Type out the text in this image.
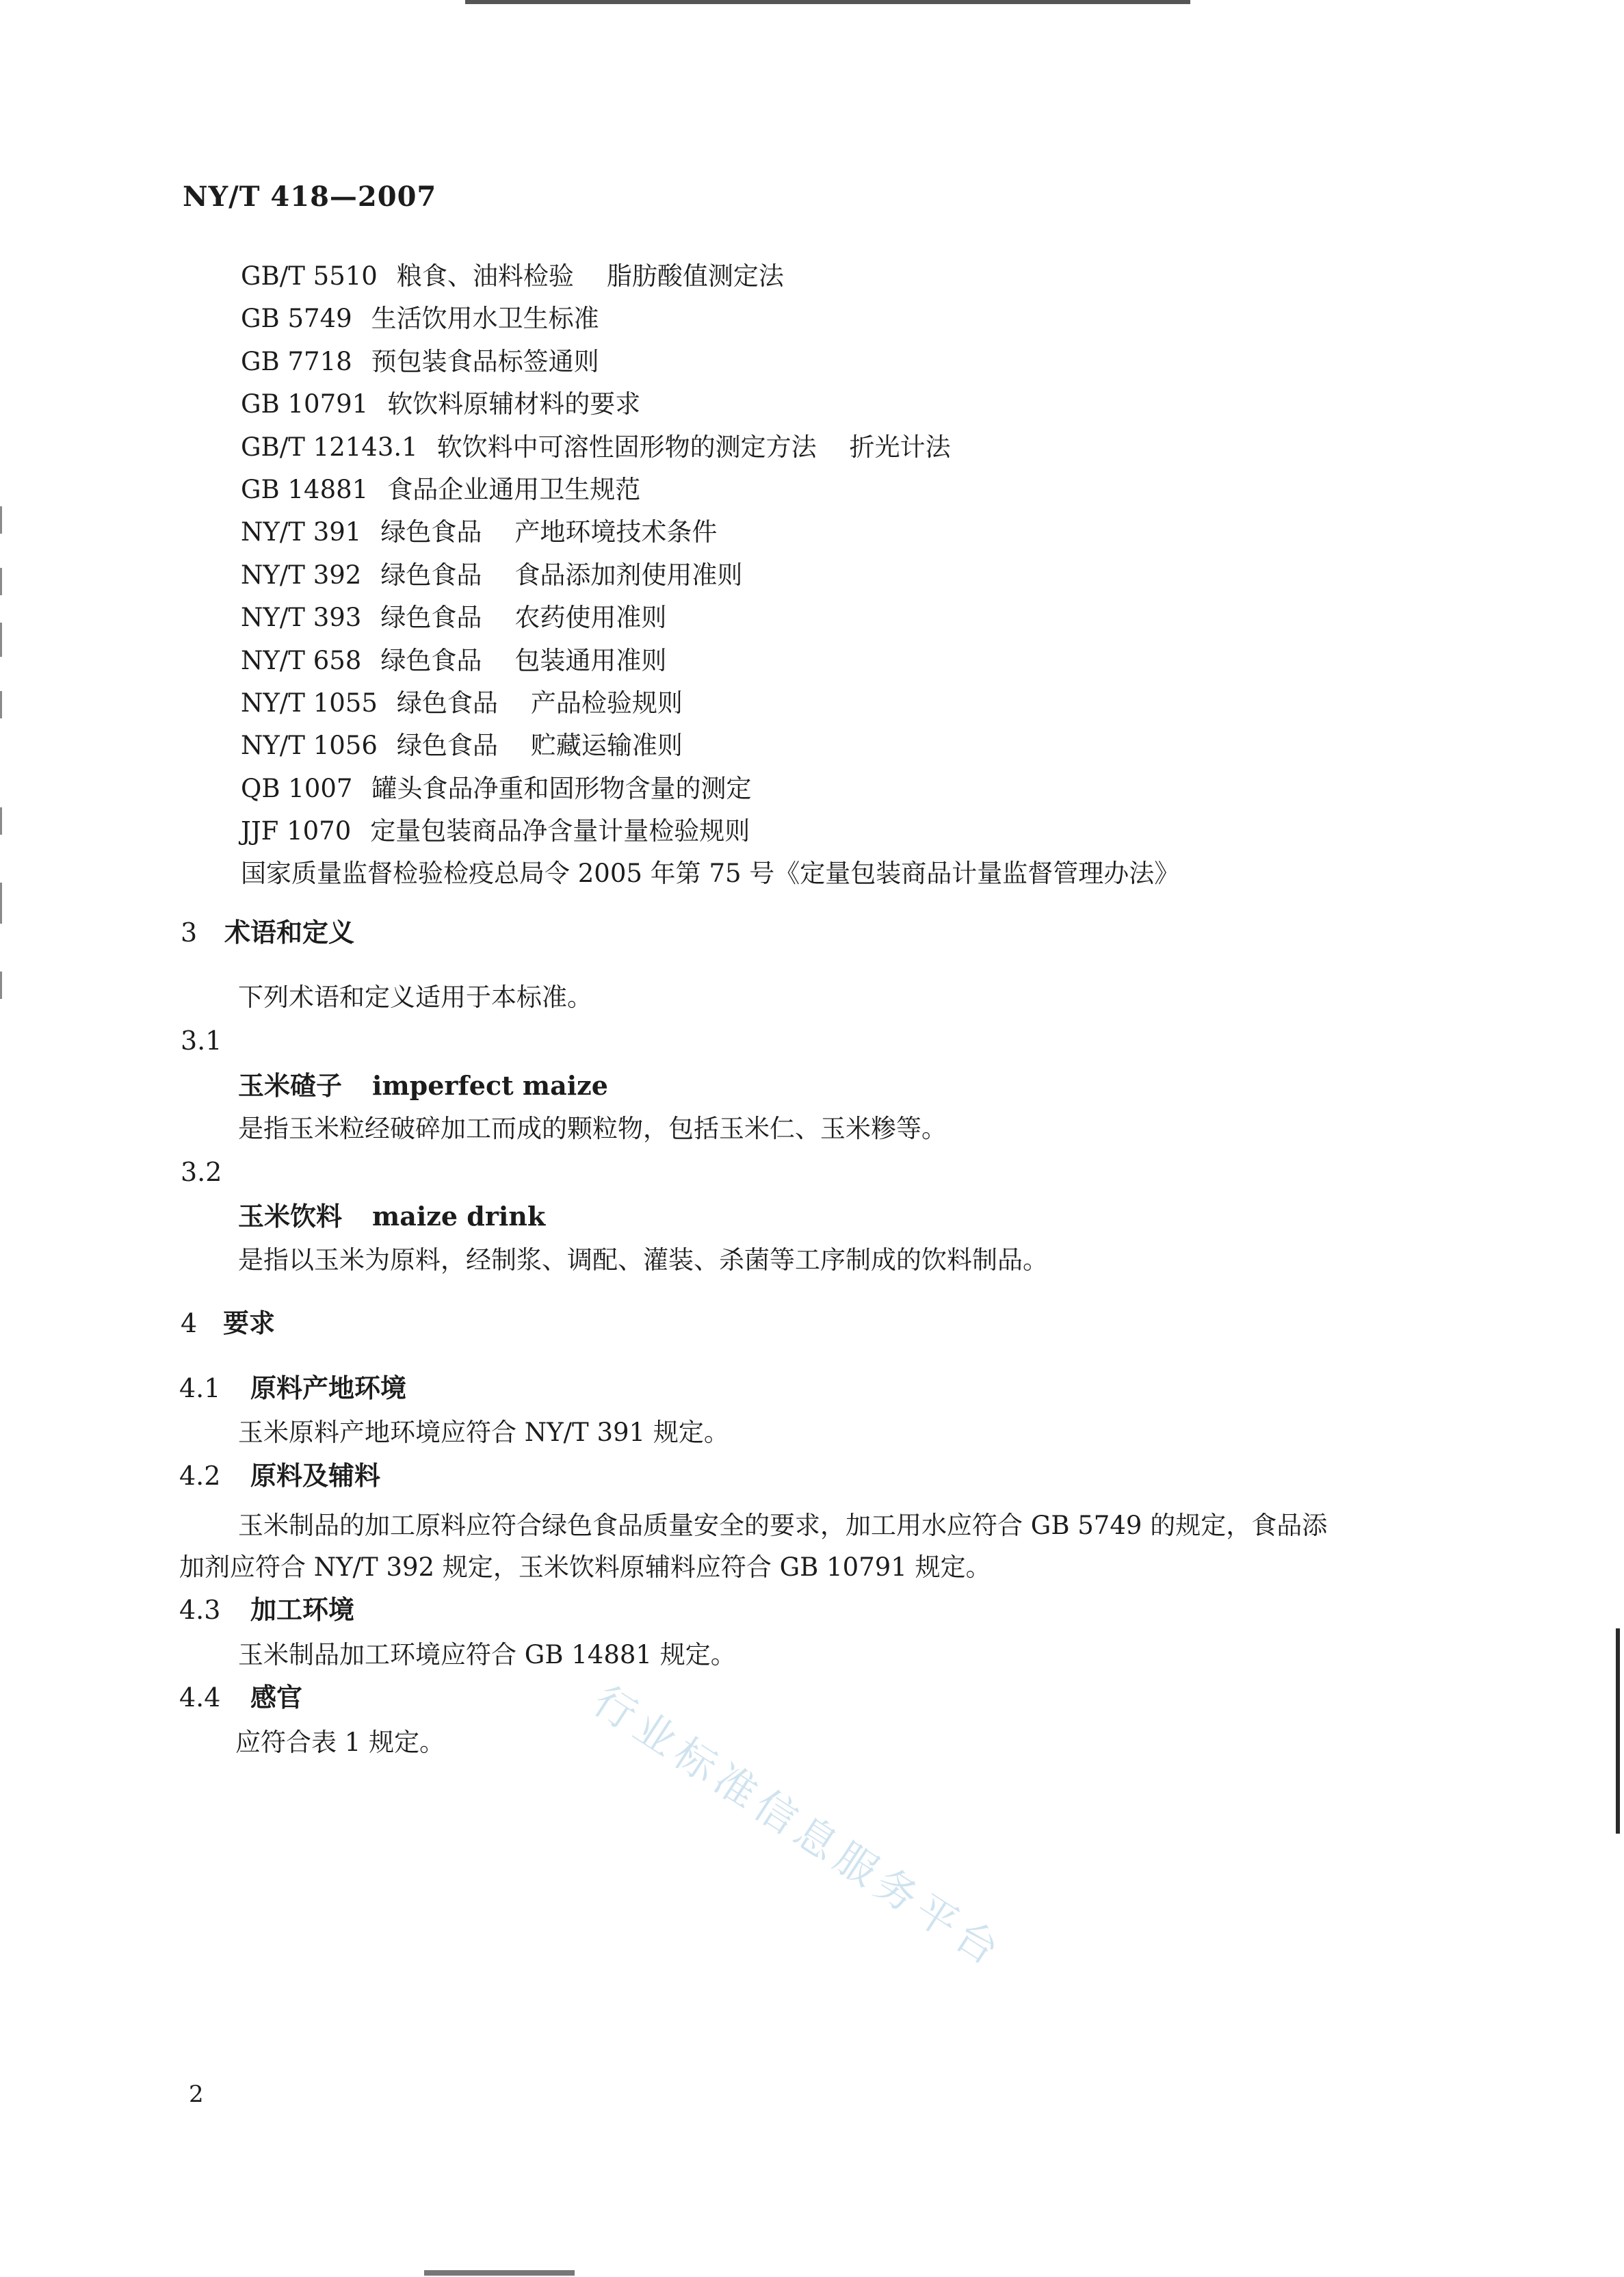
NY/T 418—2007
GB/T 5510 粮食、油料检验 脂肪酸值测定法
GB 5749 生活饮用水卫生标准
GB 7718 预包装食品标签通则
GB 10791 软饮料原辅材料的要求
GB/T 12143.1 软饮料中可溶性固形物的测定方法 折光计法
GB 14881 食品企业通用卫生规范
NY/T 391 绿色食品 产地环境技术条件
NY/T 392 绿色食品 食品添加剂使用准则
NY/T 393 绿色食品 农药使用准则
NY/T 658 绿色食品 包装通用准则
NY/T 1055 绿色食品 产品检验规则
NY/T 1056 绿色食品 贮藏运输准则
QB 1007 罐头食品净重和固形物含量的测定
JJF 1070 定量包装商品净含量计量检验规则
国家质量监督检验检疫总局令 2005 年第 75 号《定量包装商品计量监督管理办法》
3 术语和定义
下列术语和定义适用于本标准。
3.1
玉米碴子 imperfect maize
是指玉米粒经破碎加工而成的颗粒物，包括玉米仁、玉米糁等。
3.2
玉米饮料 maize drink
是指以玉米为原料，经制浆、调配、灌装、杀菌等工序制成的饮料制品。
4 要求
4.1 原料产地环境
玉米原料产地环境应符合 NY/T 391 规定。
4.2 原料及辅料
玉米制品的加工原料应符合绿色食品质量安全的要求，加工用水应符合 GB 5749 的规定，食品添
加剂应符合 NY/T 392 规定，玉米饮料原辅料应符合 GB 10791 规定。
4.3 加工环境
玉米制品加工环境应符合 GB 14881 规定。
4.4 感官
应符合表 1 规定。	行业标准信息服务平台
2
